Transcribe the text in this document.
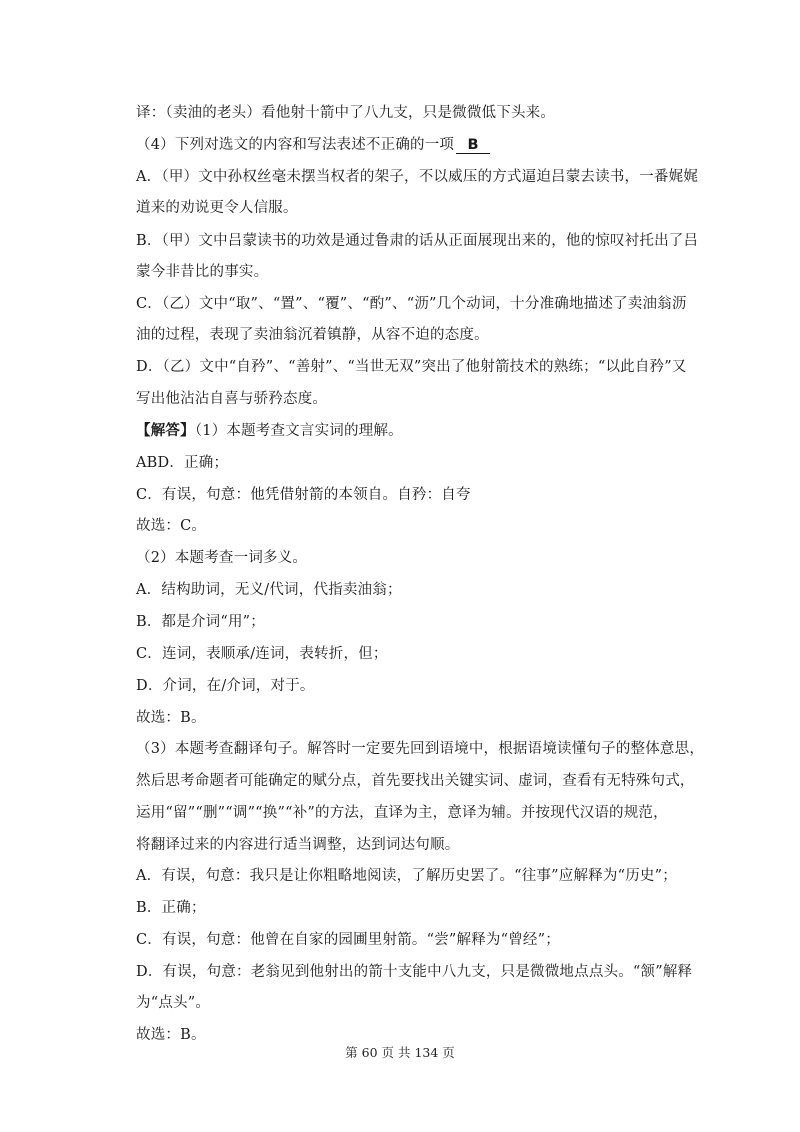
译：（卖油的老头）看他射十箭中了八九支，只是微微低下头来。
（4）下列对选文的内容和写法表述不正确的一项 B
A．（甲）文中孙权丝毫未摆当权者的架子，不以威压的方式逼迫吕蒙去读书，一番娓娓
道来的劝说更令人信服。
B．（甲）文中吕蒙读书的功效是通过鲁肃的话从正面展现出来的，他的惊叹衬托出了吕
蒙今非昔比的事实。
C．（乙）文中“取”、“置”、“覆”、“酌”、“沥”几个动词，十分准确地描述了卖油翁沥
油的过程，表现了卖油翁沉着镇静，从容不迫的态度。
D．（乙）文中“自矜”、“善射”、“当世无双”突出了他射箭技术的熟练；“以此自矜”又
写出他沾沾自喜与骄矜态度。
【解答】（1）本题考查文言实词的理解。
ABD．正确；
C．有误，句意：他凭借射箭的本领自。自矜：自夸
故选：C。
（2）本题考查一词多义。
A．结构助词，无义/代词，代指卖油翁；
B．都是介词“用”；
C．连词，表顺承/连词，表转折，但；
D．介词，在/介词，对于。
故选：B。
（3）本题考查翻译句子。解答时一定要先回到语境中，根据语境读懂句子的整体意思，
然后思考命题者可能确定的赋分点，首先要找出关键实词、虚词，查看有无特殊句式，
运用“留”“删”“调”“换”“补”的方法，直译为主，意译为辅。并按现代汉语的规范，
将翻译过来的内容进行适当调整，达到词达句顺。
A．有误，句意：我只是让你粗略地阅读，了解历史罢了。“往事”应解释为“历史”；
B．正确；
C．有误，句意：他曾在自家的园圃里射箭。“尝”解释为“曾经”；
D．有误，句意：老翁见到他射出的箭十支能中八九支，只是微微地点点头。“颔”解释
为“点头”。
故选：B。
第 60 页 共 134 页
